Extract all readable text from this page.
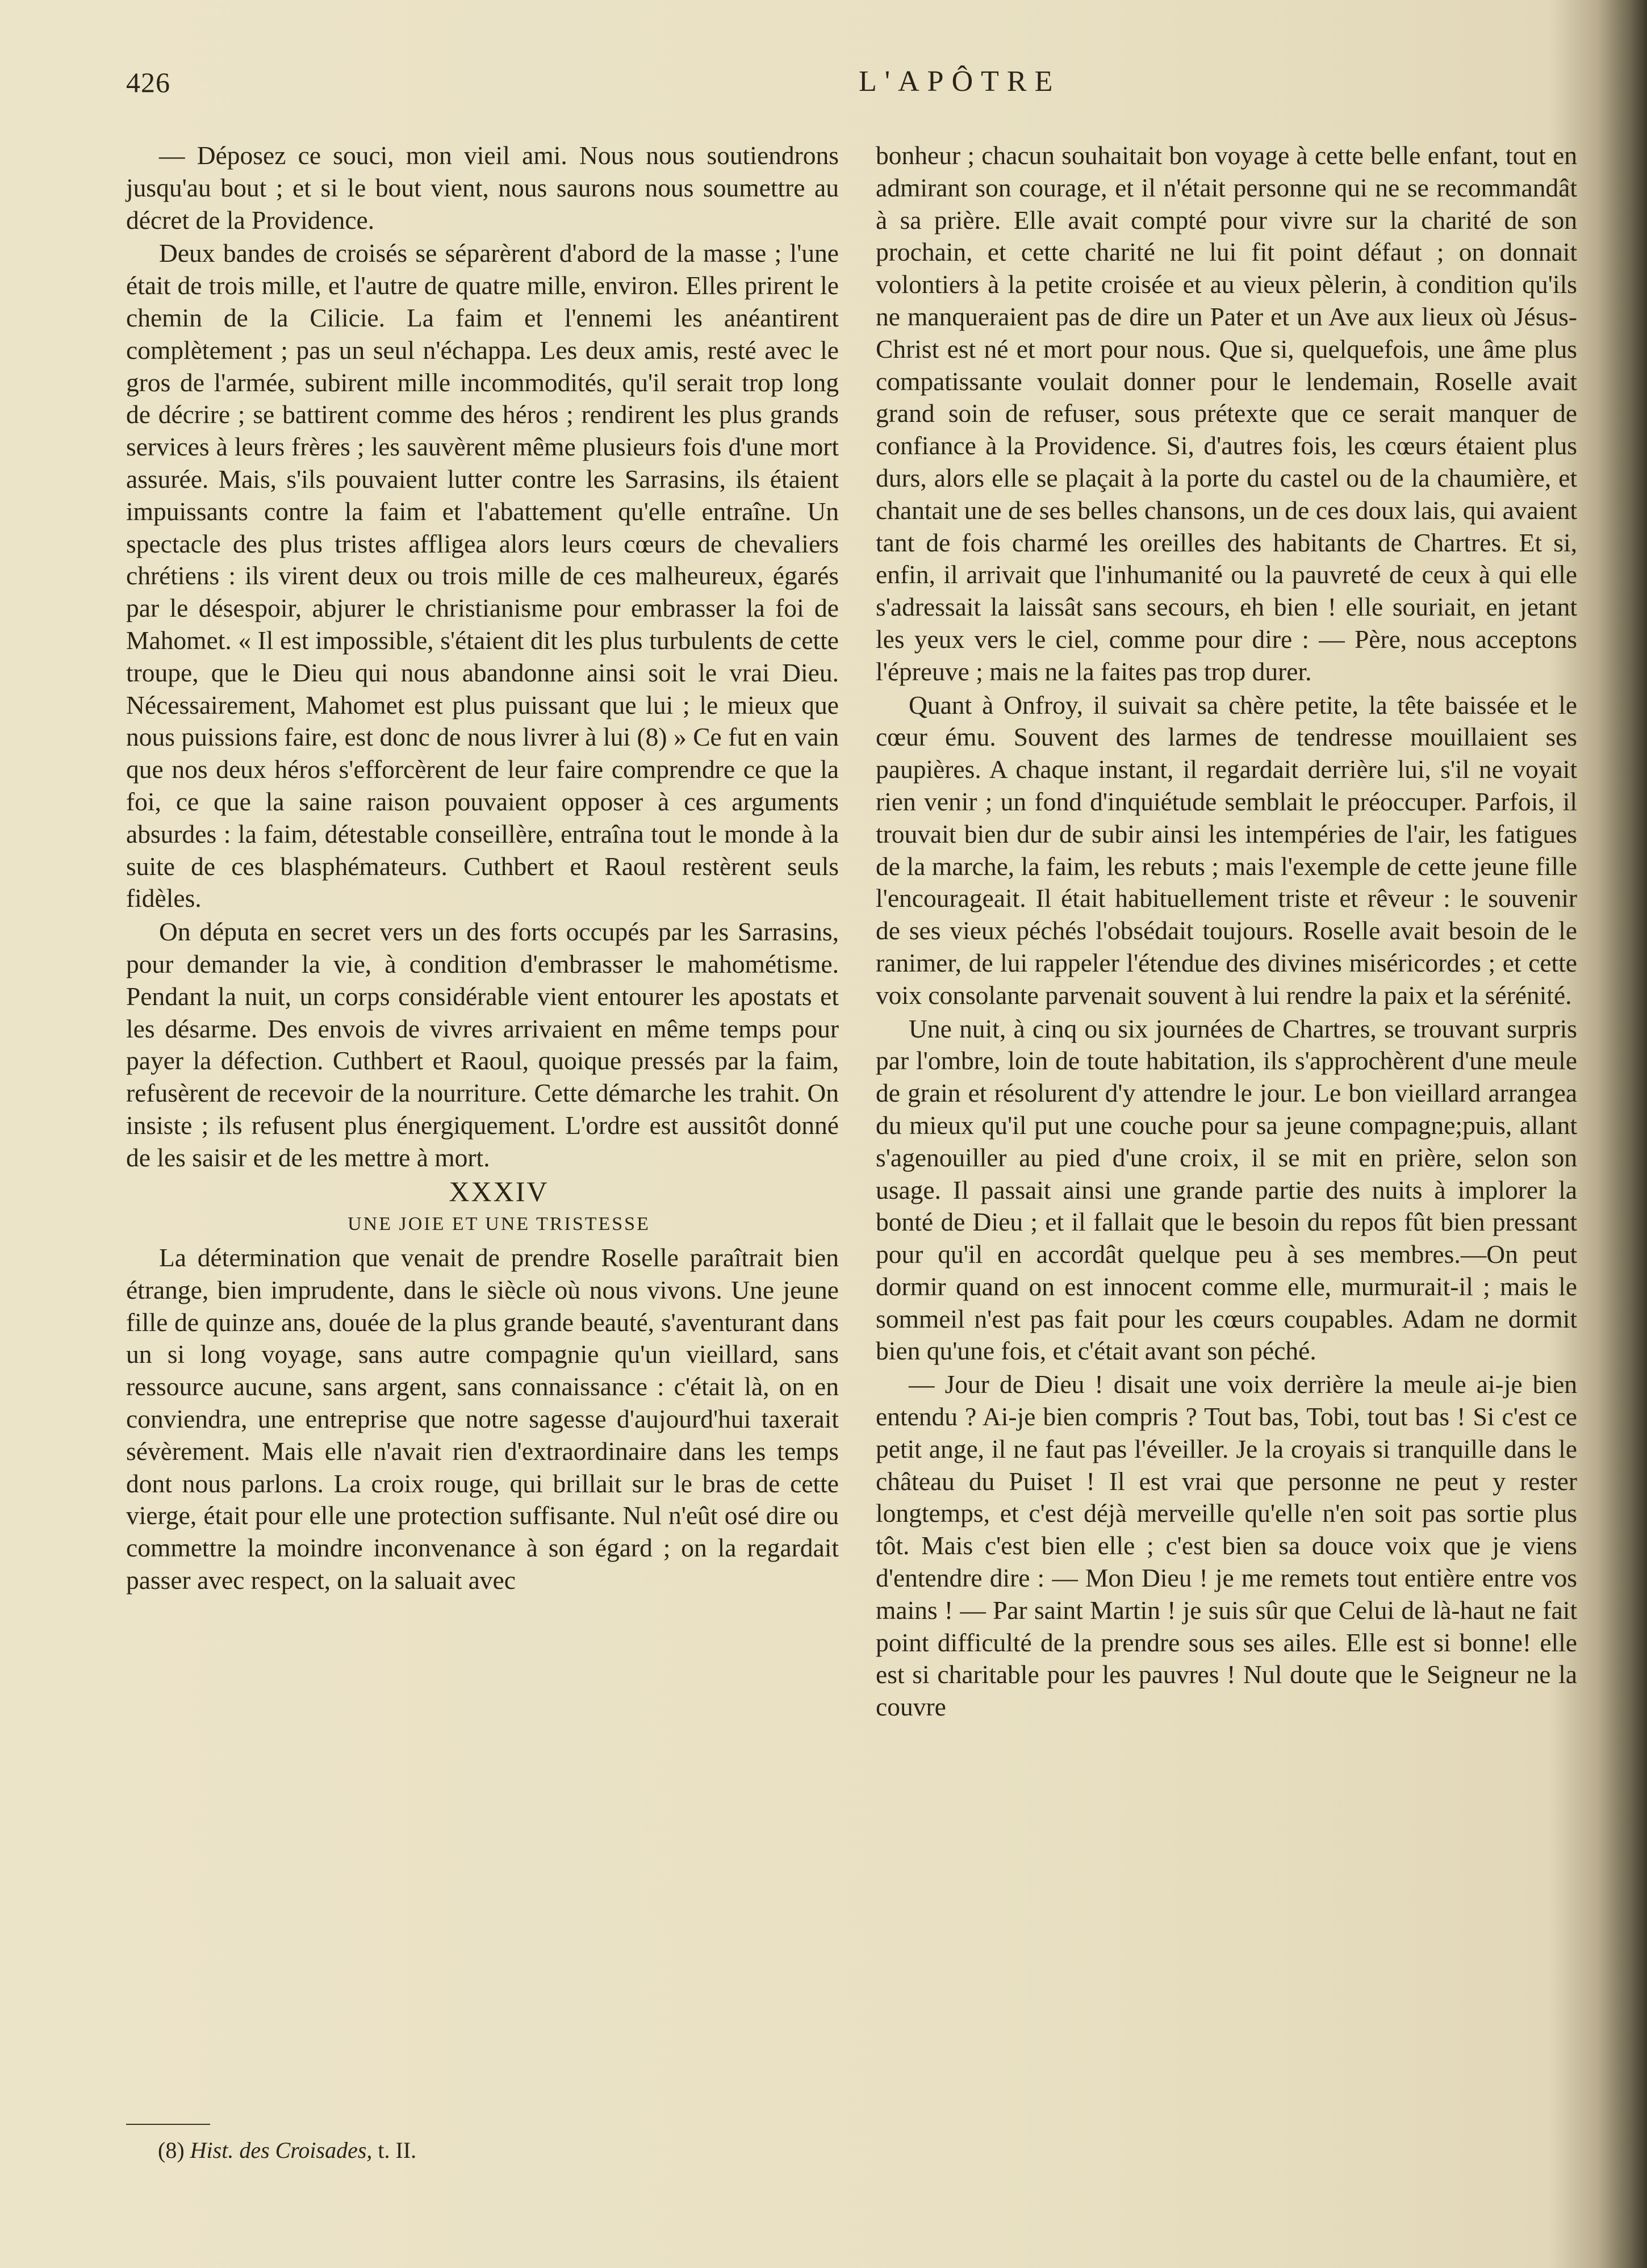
426	L'APÔTRE

— Déposez ce souci, mon vieil ami. Nous nous soutiendrons jusqu'au bout ; et si le bout vient, nous saurons nous soumettre au décret de la Providence.

Deux bandes de croisés se séparèrent d'abord de la masse ; l'une était de trois mille, et l'autre de quatre mille, environ. Elles prirent le chemin de la Cilicie. La faim et l'ennemi les anéantirent complètement ; pas un seul n'échappa. Les deux amis, resté avec le gros de l'armée, subirent mille incommodités, qu'il serait trop long de décrire ; se battirent comme des héros ; rendirent les plus grands services à leurs frères ; les sauvèrent même plusieurs fois d'une mort assurée. Mais, s'ils pouvaient lutter contre les Sarrasins, ils étaient impuissants contre la faim et l'abattement qu'elle entraîne. Un spectacle des plus tristes affligea alors leurs cœurs de chevaliers chrétiens : ils virent deux ou trois mille de ces malheureux, égarés par le désespoir, abjurer le christianisme pour embrasser la foi de Mahomet. « Il est impossible, s'étaient dit les plus turbulents de cette troupe, que le Dieu qui nous abandonne ainsi soit le vrai Dieu. Nécessairement, Mahomet est plus puissant que lui ; le mieux que nous puissions faire, est donc de nous livrer à lui (8) » Ce fut en vain que nos deux héros s'efforcèrent de leur faire comprendre ce que la foi, ce que la saine raison pouvaient opposer à ces arguments absurdes : la faim, détestable conseillère, entraîna tout le monde à la suite de ces blasphémateurs. Cuthbert et Raoul restèrent seuls fidèles.

On députa en secret vers un des forts occupés par les Sarrasins, pour demander la vie, à condition d'embrasser le mahométisme. Pendant la nuit, un corps considérable vient entourer les apostats et les désarme. Des envois de vivres arrivaient en même temps pour payer la défection. Cuthbert et Raoul, quoique pressés par la faim, refusèrent de recevoir de la nourriture. Cette démarche les trahit. On insiste ; ils refusent plus énergiquement. L'ordre est aussitôt donné de les saisir et de les mettre à mort.

XXXIV

UNE JOIE ET UNE TRISTESSE

La détermination que venait de prendre Roselle paraîtrait bien étrange, bien imprudente, dans le siècle où nous vivons. Une jeune fille de quinze ans, douée de la plus grande beauté, s'aventurant dans un si long voyage, sans autre compagnie qu'un vieillard, sans ressource aucune, sans argent, sans connaissance : c'était là, on en conviendra, une entreprise que notre sagesse d'aujourd'hui taxerait sévèrement. Mais elle n'avait rien d'extraordinaire dans les temps dont nous parlons. La croix rouge, qui brillait sur le bras de cette vierge, était pour elle une protection suffisante. Nul n'eût osé dire ou commettre la moindre inconvenance à son égard ; on la regardait passer avec respect, on la saluait avec

bonheur ; chacun souhaitait bon voyage à cette belle enfant, tout en admirant son courage, et il n'était personne qui ne se recommandât à sa prière. Elle avait compté pour vivre sur la charité de son prochain, et cette charité ne lui fit point défaut ; on donnait volontiers à la petite croisée et au vieux pèlerin, à condition qu'ils ne manqueraient pas de dire un Pater et un Ave aux lieux où Jésus-Christ est né et mort pour nous. Que si, quelquefois, une âme plus compatissante voulait donner pour le lendemain, Roselle avait grand soin de refuser, sous prétexte que ce serait manquer de confiance à la Providence. Si, d'autres fois, les cœurs étaient plus durs, alors elle se plaçait à la porte du castel ou de la chaumière, et chantait une de ses belles chansons, un de ces doux lais, qui avaient tant de fois charmé les oreilles des habitants de Chartres. Et si, enfin, il arrivait que l'inhumanité ou la pauvreté de ceux à qui elle s'adressait la laissât sans secours, eh bien ! elle souriait, en jetant les yeux vers le ciel, comme pour dire : — Père, nous acceptons l'épreuve ; mais ne la faites pas trop durer.

Quant à Onfroy, il suivait sa chère petite, la tête baissée et le cœur ému. Souvent des larmes de tendresse mouillaient ses paupières. A chaque instant, il regardait derrière lui, s'il ne voyait rien venir ; un fond d'inquiétude semblait le préoccuper. Parfois, il trouvait bien dur de subir ainsi les intempéries de l'air, les fatigues de la marche, la faim, les rebuts ; mais l'exemple de cette jeune fille l'encourageait. Il était habituellement triste et rêveur : le souvenir de ses vieux péchés l'obsédait toujours. Roselle avait besoin de le ranimer, de lui rappeler l'étendue des divines miséricordes ; et cette voix consolante parvenait souvent à lui rendre la paix et la sérénité.

Une nuit, à cinq ou six journées de Chartres, se trouvant surpris par l'ombre, loin de toute habitation, ils s'approchèrent d'une meule de grain et résolurent d'y attendre le jour. Le bon vieillard arrangea du mieux qu'il put une couche pour sa jeune compagne;puis, allant s'agenouiller au pied d'une croix, il se mit en prière, selon son usage. Il passait ainsi une grande partie des nuits à implorer la bonté de Dieu ; et il fallait que le besoin du repos fût bien pressant pour qu'il en accordât quelque peu à ses membres.—On peut dormir quand on est innocent comme elle, murmurait-il ; mais le sommeil n'est pas fait pour les cœurs coupables. Adam ne dormit bien qu'une fois, et c'était avant son péché.

— Jour de Dieu ! disait une voix derrière la meule ai-je bien entendu ? Ai-je bien compris ? Tout bas, Tobi, tout bas ! Si c'est ce petit ange, il ne faut pas l'éveiller. Je la croyais si tranquille dans le château du Puiset ! Il est vrai que personne ne peut y rester longtemps, et c'est déjà merveille qu'elle n'en soit pas sortie plus tôt. Mais c'est bien elle ; c'est bien sa douce voix que je viens d'entendre dire : — Mon Dieu ! je me remets tout entière entre vos mains ! — Par saint Martin ! je suis sûr que Celui de là-haut ne fait point difficulté de la prendre sous ses ailes. Elle est si bonne! elle est si charitable pour les pauvres ! Nul doute que le Seigneur ne la couvre

(8) Hist. des Croisades, t. II.
